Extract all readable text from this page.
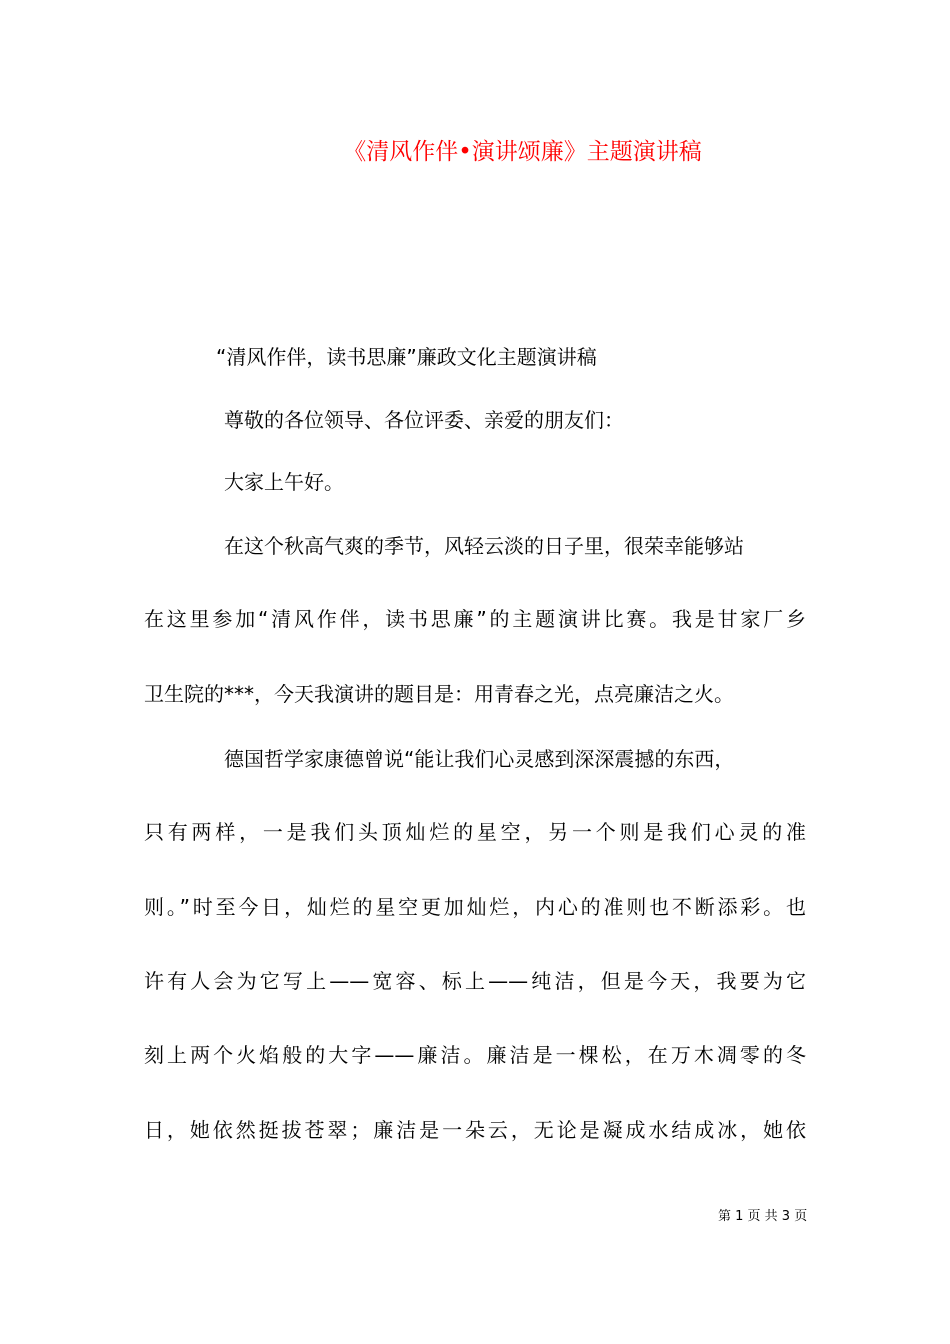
《清风作伴•演讲颂廉》主题演讲稿
“清风作伴，读书思廉”廉政文化主题演讲稿
尊敬的各位领导、各位评委、亲爱的朋友们：
大家上午好。
在这个秋高气爽的季节，风轻云淡的日子里，很荣幸能够站
在这里参加“清风作伴，读书思廉”的主题演讲比赛。我是甘家厂乡
卫生院的***，今天我演讲的题目是：用青春之光，点亮廉洁之火。
德国哲学家康德曾说“能让我们心灵感到深深震撼的东西，
只有两样，一是我们头顶灿烂的星空，另一个则是我们心灵的准
则。”时至今日，灿烂的星空更加灿烂，内心的准则也不断添彩。也
许有人会为它写上——宽容、标上——纯洁，但是今天，我要为它
刻上两个火焰般的大字——廉洁。廉洁是一棵松，在万木凋零的冬
日，她依然挺拔苍翠；廉洁是一朵云，无论是凝成水结成冰，她依
第 1 页 共 3 页
